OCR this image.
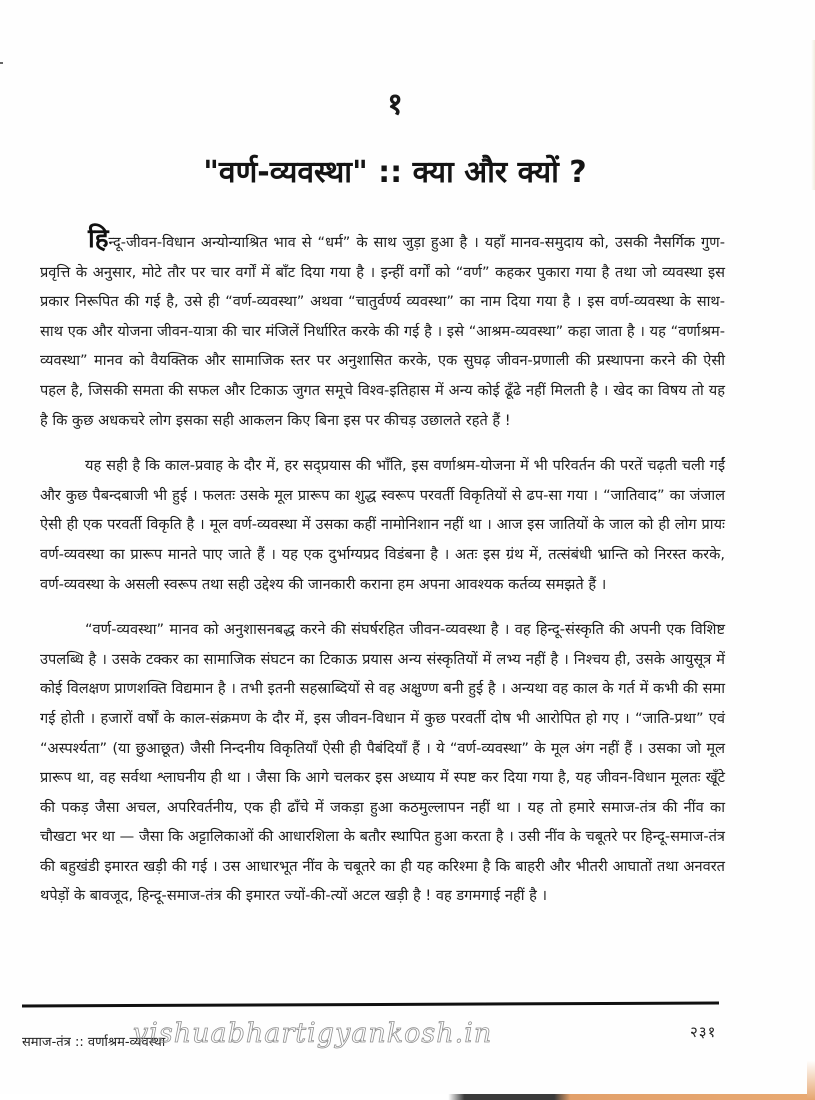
१
"वर्ण-व्यवस्था" :: क्या और क्यों ?

हिन्दू-जीवन-विधान अन्योन्याश्रित भाव से “धर्म” के साथ जुड़ा हुआ है । यहाँ मानव-समुदाय को, उसकी नैसर्गिक गुण-प्रवृत्ति के अनुसार, मोटे तौर पर चार वर्गों में बाँट दिया गया है । इन्हीं वर्गों को “वर्ण” कहकर पुकारा गया है तथा जो व्यवस्था इस प्रकार निरूपित की गई है, उसे ही “वर्ण-व्यवस्था” अथवा “चातुर्वर्ण्य व्यवस्था” का नाम दिया गया है । इस वर्ण-व्यवस्था के साथ-साथ एक और योजना जीवन-यात्रा की चार मंजिलें निर्धारित करके की गई है । इसे “आश्रम-व्यवस्था” कहा जाता है । यह “वर्णाश्रम-व्यवस्था” मानव को वैयक्तिक और सामाजिक स्तर पर अनुशासित करके, एक सुघढ़ जीवन-प्रणाली की प्रस्थापना करने की ऐसी पहल है, जिसकी समता की सफल और टिकाऊ जुगत समूचे विश्व-इतिहास में अन्य कोई ढूँढे नहीं मिलती है । खेद का विषय तो यह है कि कुछ अधकचरे लोग इसका सही आकलन किए बिना इस पर कीचड़ उछालते रहते हैं !

यह सही है कि काल-प्रवाह के दौर में, हर सद्प्रयास की भाँति, इस वर्णाश्रम-योजना में भी परिवर्तन की परतें चढ़ती चली गईं और कुछ पैबन्दबाजी भी हुई । फलतः उसके मूल प्रारूप का शुद्ध स्वरूप परवर्ती विकृतियों से ढप-सा गया । “जातिवाद” का जंजाल ऐसी ही एक परवर्ती विकृति है । मूल वर्ण-व्यवस्था में उसका कहीं नामोनिशान नहीं था । आज इस जातियों के जाल को ही लोग प्रायः वर्ण-व्यवस्था का प्रारूप मानते पाए जाते हैं । यह एक दुर्भाग्यप्रद विडंबना है । अतः इस ग्रंथ में, तत्संबंधी भ्रान्ति को निरस्त करके, वर्ण-व्यवस्था के असली स्वरूप तथा सही उद्देश्य की जानकारी कराना हम अपना आवश्यक कर्तव्य समझते हैं ।

“वर्ण-व्यवस्था” मानव को अनुशासनबद्ध करने की संघर्षरहित जीवन-व्यवस्था है । वह हिन्दू-संस्कृति की अपनी एक विशिष्ट उपलब्धि है । उसके टक्कर का सामाजिक संघटन का टिकाऊ प्रयास अन्य संस्कृतियों में लभ्य नहीं है । निश्चय ही, उसके आयुसूत्र में कोई विलक्षण प्राणशक्ति विद्यमान है । तभी इतनी सहस्राब्दियों से वह अक्षुण्ण बनी हुई है । अन्यथा वह काल के गर्त में कभी की समा गई होती । हजारों वर्षों के काल-संक्रमण के दौर में, इस जीवन-विधान में कुछ परवर्ती दोष भी आरोपित हो गए । “जाति-प्रथा” एवं “अस्पर्श्यता” (या छुआछूत) जैसी निन्दनीय विकृतियाँ ऐसी ही पैबंदियाँ हैं । ये “वर्ण-व्यवस्था” के मूल अंग नहीं हैं । उसका जो मूल प्रारूप था, वह सर्वथा श्लाघनीय ही था । जैसा कि आगे चलकर इस अध्याय में स्पष्ट कर दिया गया है, यह जीवन-विधान मूलतः खूँटे की पकड़ जैसा अचल, अपरिवर्तनीय, एक ही ढाँचे में जकड़ा हुआ कठमुल्लापन नहीं था । यह तो हमारे समाज-तंत्र की नींव का चौखटा भर था — जैसा कि अट्टालिकाओं की आधारशिला के बतौर स्थापित हुआ करता है । उसी नींव के चबूतरे पर हिन्दू-समाज-तंत्र की बहुखंडी इमारत खड़ी की गई । उस आधारभूत नींव के चबूतरे का ही यह करिश्मा है कि बाहरी और भीतरी आघातों तथा अनवरत थपेड़ों के बावजूद, हिन्दू-समाज-तंत्र की इमारत ज्यों-की-त्यों अटल खड़ी है ! वह डगमगाई नहीं है ।

समाज-तंत्र :: वर्णाश्रम-व्यवस्था
vishuabhartigyankosh.in	२३१
